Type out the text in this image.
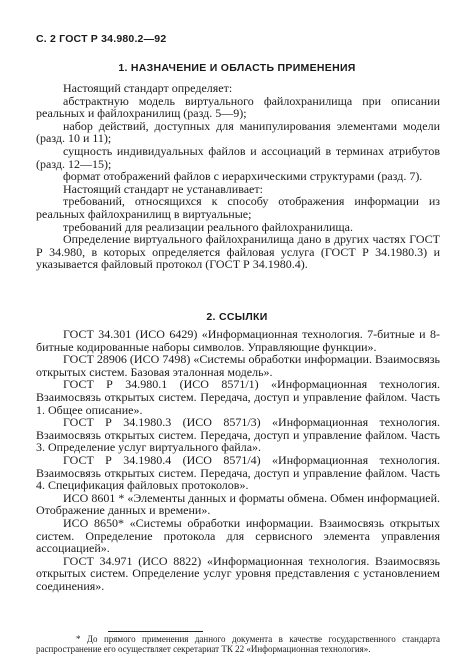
С. 2 ГОСТ Р 34.980.2—92
1. НАЗНАЧЕНИЕ И ОБЛАСТЬ ПРИМЕНЕНИЯ

Настоящий стандарт определяет:

абстрактную модель виртуального файлохранилища при описании реальных и файлохранилищ (разд. 5—9);

набор действий, доступных для манипулирования элементами модели (разд. 10 и 11);

сущность индивидуальных файлов и ассоциаций в терминах атрибутов (разд. 12—15);

формат отображений файлов с иерархическими структурами (разд. 7).

Настоящий стандарт не устанавливает:

требований, относящихся к способу отображения информации из реальных файлохранилищ в виртуальные;

требований для реализации реального файлохранилища.

Определение виртуального файлохранилища дано в других частях ГОСТ Р 34.980, в которых определяется файловая услуга (ГОСТ Р 34.1980.3) и указывается файловый протокол (ГОСТ Р 34.1980.4).

2. ССЫЛКИ

ГОСТ 34.301 (ИСО 6429) «Информационная технология. 7-битные и 8-битные кодированные наборы символов. Управляющие функции».

ГОСТ 28906 (ИСО 7498) «Системы обработки информации. Взаимосвязь открытых систем. Базовая эталонная модель».

ГОСТ Р 34.980.1 (ИСО 8571/1) «Информационная технология. Взаимосвязь открытых систем. Передача, доступ и управление файлом. Часть 1. Общее описание».

ГОСТ Р 34.1980.3 (ИСО 8571/3) «Информационная технология. Взаимосвязь открытых систем. Передача, доступ и управление файлом. Часть 3. Определение услуг виртуального файла».

ГОСТ Р 34.1980.4 (ИСО 8571/4) «Информационная технология. Взаимосвязь открытых систем. Передача, доступ и управление файлом. Часть 4. Спецификация файловых протоколов».

ИСО 8601 * «Элементы данных и форматы обмена. Обмен информацией. Отображение данных и времени».

ИСО 8650* «Системы обработки информации. Взаимосвязь открытых систем. Определение протокола для сервисного элемента управления ассоциацией».

ГОСТ 34.971 (ИСО 8822) «Информационная технология. Взаимосвязь открытых систем. Определение услуг уровня представления с установлением соединения».

* До прямого применения данного документа в качестве государственного стандарта распространение его осуществляет секретариат ТК 22 «Информационная технология».
